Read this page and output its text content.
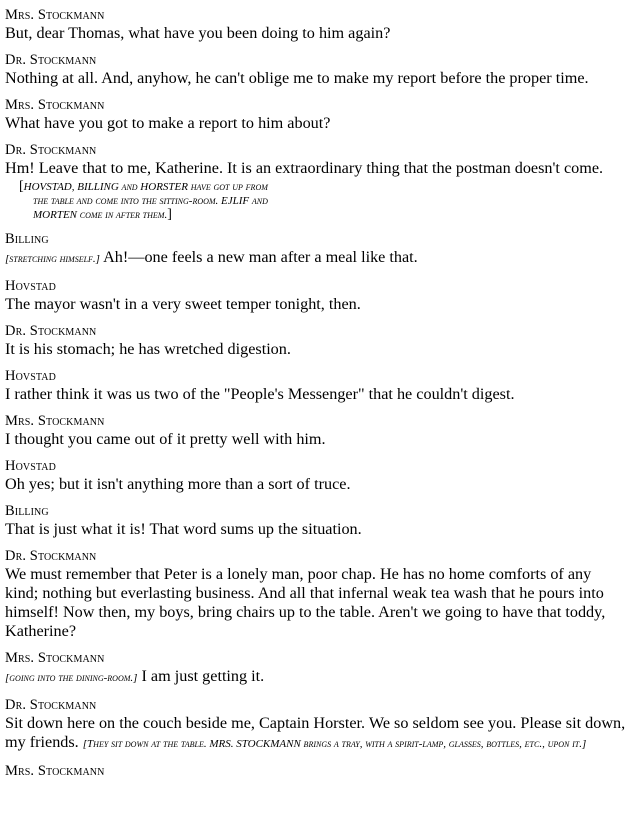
Mrs. Stockmann
But, dear Thomas, what have you been doing to him again?
Dr. Stockmann
Nothing at all. And, anyhow, he can't oblige me to make my report before the proper time.
Mrs. Stockmann
What have you got to make a report to him about?
Dr. Stockmann
Hm! Leave that to me, Katherine. It is an extraordinary thing that the postman doesn't come.
[HOVSTAD, BILLING and HORSTER have got up from
the table and come into the sitting-room. EJLIF and
MORTEN come in after them.]
Billing
[stretching himself.] Ah!—one feels a new man after a meal like that.
Hovstad
The mayor wasn't in a very sweet temper tonight, then.
Dr. Stockmann
It is his stomach; he has wretched digestion.
Hovstad
I rather think it was us two of the "People's Messenger" that he couldn't digest.
Mrs. Stockmann
I thought you came out of it pretty well with him.
Hovstad
Oh yes; but it isn't anything more than a sort of truce.
Billing
That is just what it is! That word sums up the situation.
Dr. Stockmann
We must remember that Peter is a lonely man, poor chap. He has no home comforts of any kind; nothing but everlasting business. And all that infernal weak tea wash that he pours into himself! Now then, my boys, bring chairs up to the table. Aren't we going to have that toddy, Katherine?
Mrs. Stockmann
[going into the dining-room.] I am just getting it.
Dr. Stockmann
Sit down here on the couch beside me, Captain Horster. We so seldom see you. Please sit down, my friends. [They sit down at the table. MRS. STOCKMANN brings a tray, with a spirit-lamp, glasses, bottles, etc., upon it.]
Mrs. Stockmann
